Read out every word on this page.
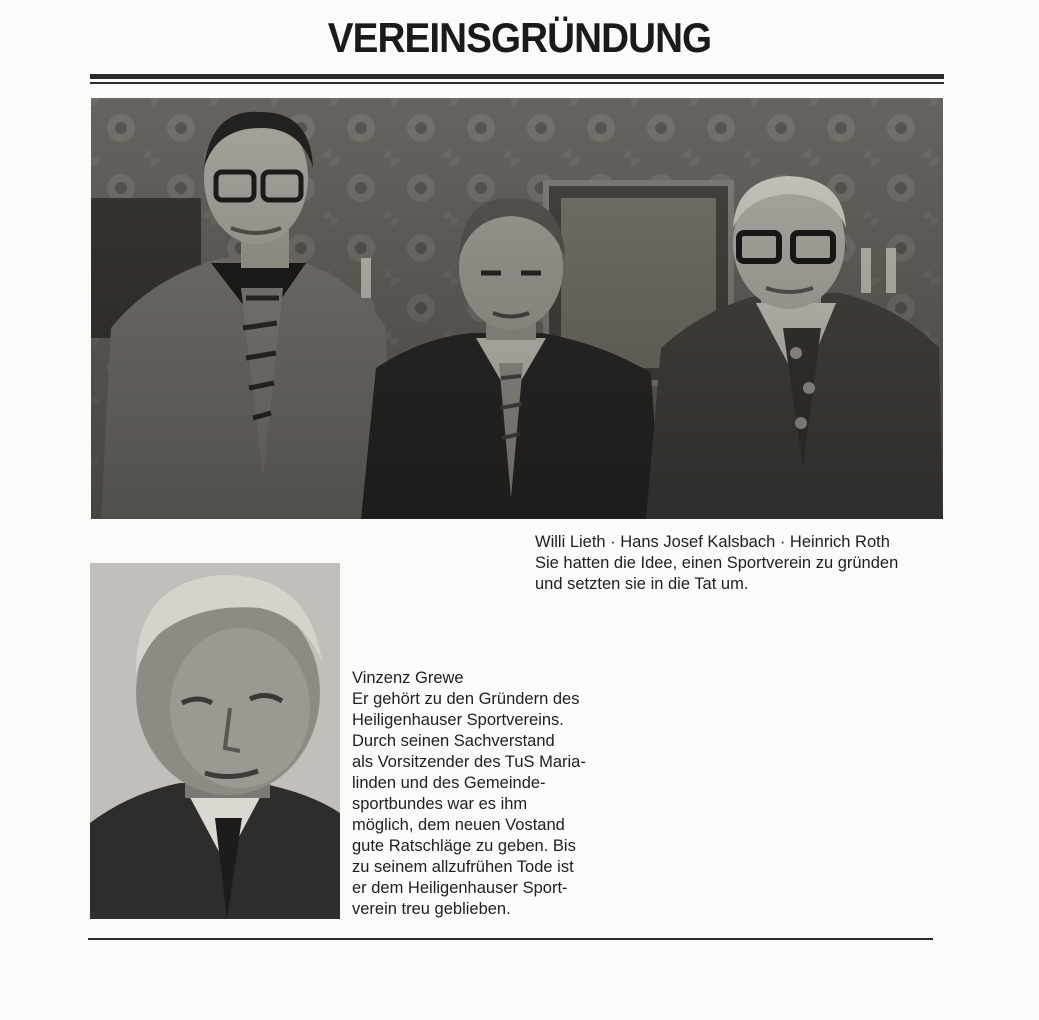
VEREINSGRÜNDUNG
Willi Lieth · Hans Josef Kalsbach · Heinrich Roth
Sie hatten die Idee, einen Sportverein zu gründen
und setzten sie in die Tat um.
Vinzenz Grewe
Er gehört zu den Gründern des
Heiligenhauser Sportvereins.
Durch seinen Sachverstand
als Vorsitzender des TuS Maria-
linden und des Gemeinde-
sportbundes war es ihm
möglich, dem neuen Vostand
gute Ratschläge zu geben. Bis
zu seinem allzufrühen Tode ist
er dem Heiligenhauser Sport-
verein treu geblieben.
